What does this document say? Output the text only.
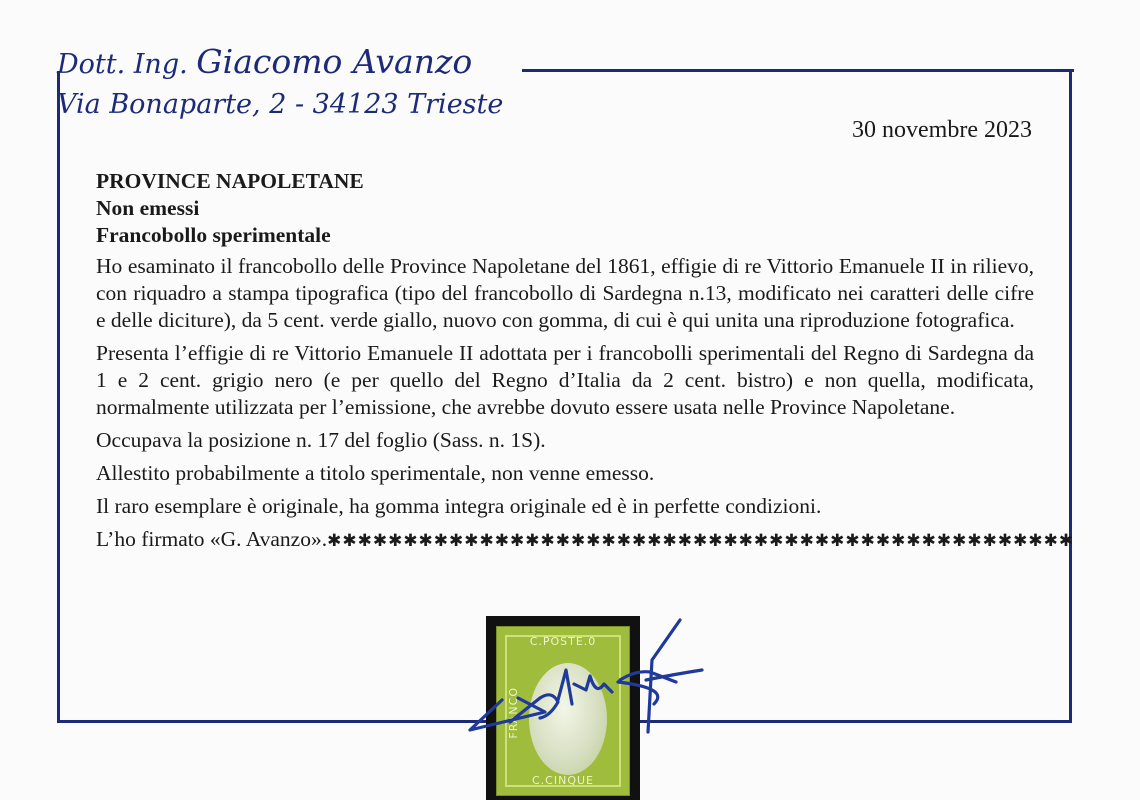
Dott. Ing. Giacomo Avanzo
Via Bonaparte, 2 - 34123 Trieste
30 novembre 2023
PROVINCE NAPOLETANE
Non emessi
Francobollo sperimentale

Ho esaminato il francobollo delle Province Napoletane del 1861, effigie di re Vittorio Emanuele II in rilievo, con riquadro a stampa tipografica (tipo del francobollo di Sardegna n.13, modificato nei caratteri delle cifre e delle diciture), da 5 cent. verde giallo, nuovo con gomma, di cui è qui unita una riproduzione fotografica.

Presenta l’effigie di re Vittorio Emanuele II adottata per i francobolli sperimentali del Regno di Sardegna da 1 e 2 cent. grigio nero (e per quello del Regno d’Italia da 2 cent. bistro) e non quella, modificata, normalmente utilizzata per l’emissione, che avrebbe dovuto essere usata nelle Province Napoletane.

Occupava la posizione n. 17 del foglio (Sass. n. 1S).

Allestito probabilmente a titolo sperimentale, non venne emesso.

Il raro esemplare è originale, ha gomma integra originale ed è in perfette condizioni.

L’ho firmato «G. Avanzo».✱✱✱✱✱✱✱✱✱✱✱✱✱✱✱✱✱✱✱✱✱✱✱✱✱✱✱✱✱✱✱✱✱✱✱✱✱✱✱✱✱✱✱✱✱✱✱✱✱
C.POSTE.0
FRANCO
C.CINQUE
